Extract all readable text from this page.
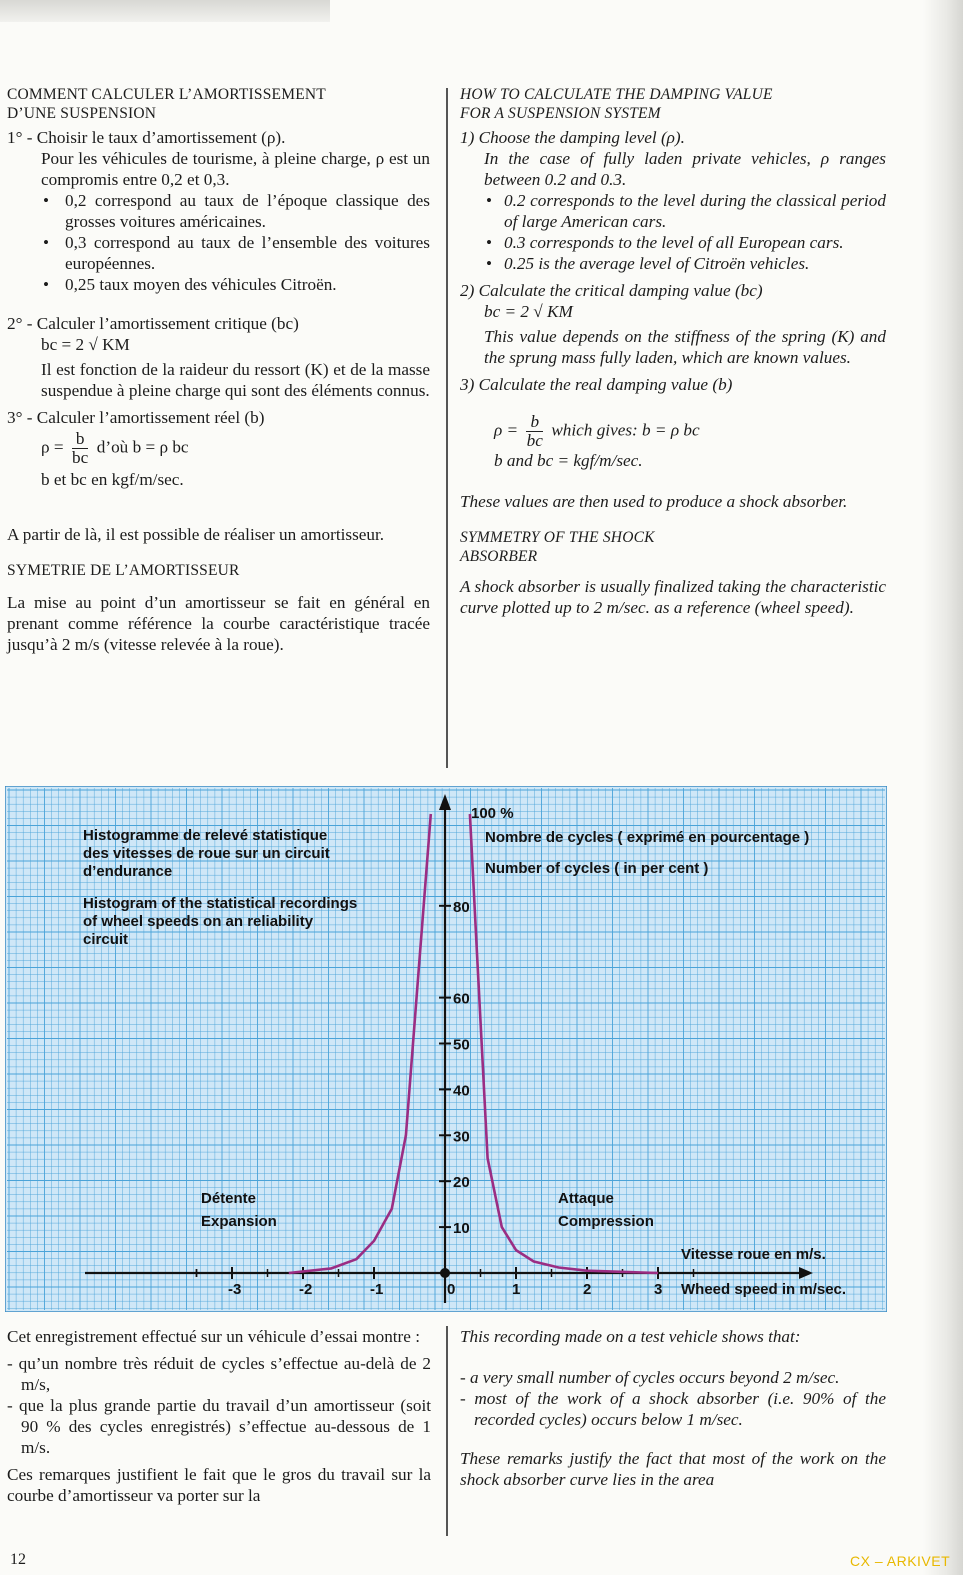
COMMENT CALCULER L’AMORTISSEMENT
D’UNE SUSPENSION
1° - Choisir le taux d’amortissement (ρ).

Pour les véhicules de tourisme, à pleine charge, ρ est un compromis entre 0,2 et 0,3.

• 0,2 correspond au taux de l’époque classique des grosses voitures américaines.
• 0,3 correspond au taux de l’ensemble des voitures européennes.
• 0,25 taux moyen des véhicules Citroën.
2° - Calculer l’amortissement critique (bc)
bc = 2 √ KM

Il est fonction de la raideur du ressort (K) et de la masse suspendue à pleine charge qui sont des éléments connus.

3° - Calculer l’amortissement réel (b)
$\rho = \frac{b}{bc}$ d’où b = ρ bc
b et bc en kgf/m/sec.

A partir de là, il est possible de réaliser un amortisseur.

SYMETRIE DE L’AMORTISSEUR

La mise au point d’un amortisseur se fait en général en prenant comme référence la courbe caractéristique tracée jusqu’à 2 m/s (vitesse relevée à la roue).

HOW TO CALCULATE THE DAMPING VALUE
FOR A SUSPENSION SYSTEM
1) Choose the damping level (ρ).

In the case of fully laden private vehicles, ρ ranges between 0.2 and 0.3.

• 0.2 corresponds to the level during the classical period of large American cars.
• 0.3 corresponds to the level of all European cars.
• 0.25 is the average level of Citroën vehicles.
2) Calculate the critical damping value (bc)
bc = 2 √ KM

This value depends on the stiffness of the spring (K) and the sprung mass fully laden, which are known values.

3) Calculate the real damping value (b)
$\rho = \frac{b}{bc}$ which gives: b = ρ bc
b and bc = kgf/m/sec.

These values are then used to produce a shock absorber.

SYMMETRY OF THE SHOCK
ABSORBER

A shock absorber is usually finalized taking the characteristic curve plotted up to 2 m/sec. as a reference (wheel speed).

10
20
30
40
50
60
80
-3	-2	-1	0	1	2	3
Histogramme de relevé statistique
des vitesses de roue sur un circuit
d’endurance
Histogram of the statistical recordings
of wheel speeds on an reliability
circuit
100 %
Nombre de cycles ( exprimé en pourcentage )
Number of cycles ( in per cent )
Détente
Expansion
Attaque
Compression
Vitesse roue en m/s.
Wheed speed in m/sec.

Cet enregistrement effectué sur un véhicule d’essai montre :

- qu’un nombre très réduit de cycles s’effectue au-delà de 2 m/s,

- que la plus grande partie du travail d’un amortisseur (soit 90 % des cycles enregistrés) s’effectue au-dessous de 1 m/s.

Ces remarques justifient le fait que le gros du travail sur la courbe d’amortisseur va porter sur la

This recording made on a test vehicle shows that:

- a very small number of cycles occurs beyond 2 m/sec.

- most of the work of a shock absorber (i.e. 90% of the recorded cycles) occurs below 1 m/sec.

These remarks justify the fact that most of the work on the shock absorber curve lies in the area

12	CX – ARKIVET
